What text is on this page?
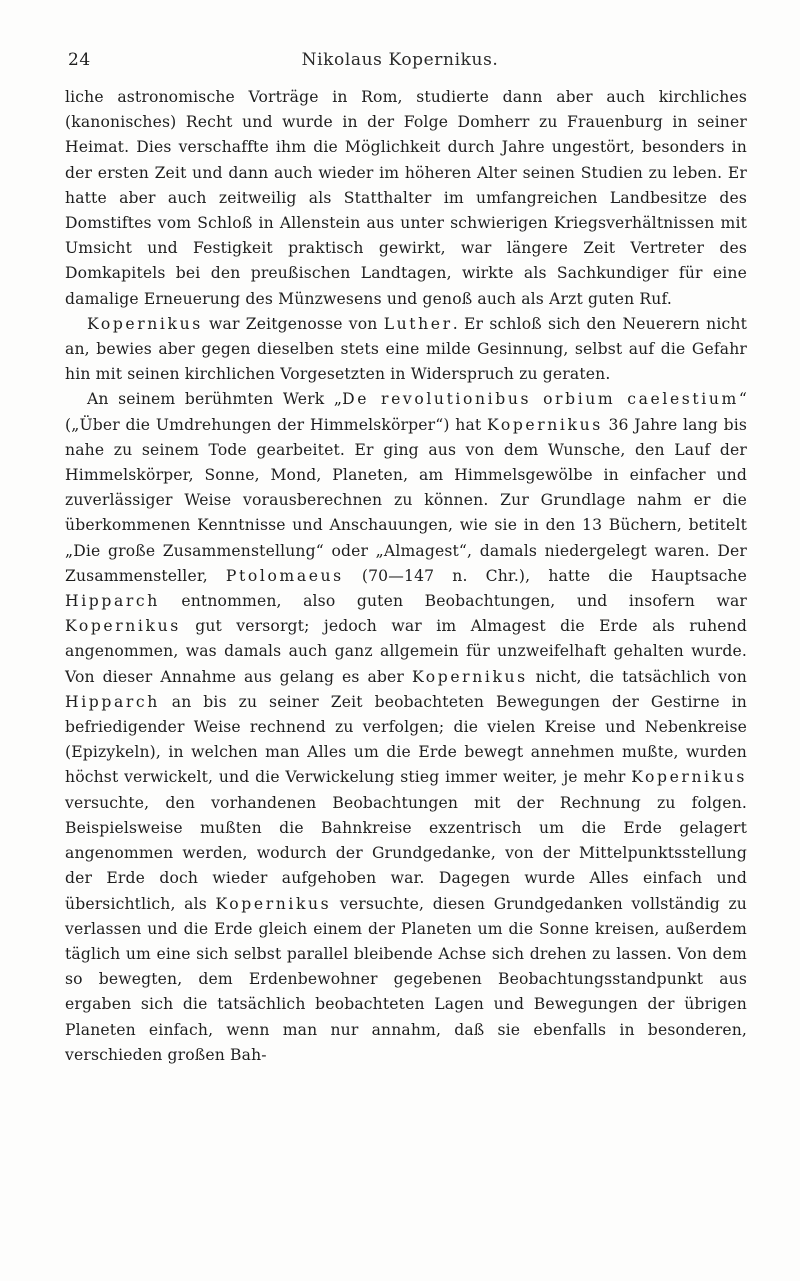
24	Nikolaus Kopernikus.

liche astronomische Vorträge in Rom, studierte dann aber auch kirchliches (kanonisches) Recht und wurde in der Folge Domherr zu Frauenburg in seiner Heimat. Dies verschaffte ihm die Möglichkeit durch Jahre ungestört, besonders in der ersten Zeit und dann auch wieder im höheren Alter seinen Studien zu leben. Er hatte aber auch zeitweilig als Statthalter im umfangreichen Landbesitze des Domstiftes vom Schloß in Allenstein aus unter schwierigen Kriegsverhältnissen mit Umsicht und Festigkeit praktisch gewirkt, war längere Zeit Vertreter des Domkapitels bei den preußischen Landtagen, wirkte als Sachkundiger für eine damalige Erneuerung des Münzwesens und genoß auch als Arzt guten Ruf.

Kopernikus war Zeitgenosse von Luther. Er schloß sich den Neuerern nicht an, bewies aber gegen dieselben stets eine milde Gesinnung, selbst auf die Gefahr hin mit seinen kirchlichen Vorgesetzten in Widerspruch zu geraten.

An seinem berühmten Werk „De revolutionibus orbium caelestium“ („Über die Umdrehungen der Himmelskörper“) hat Kopernikus 36 Jahre lang bis nahe zu seinem Tode gearbeitet. Er ging aus von dem Wunsche, den Lauf der Himmelskörper, Sonne, Mond, Planeten, am Himmelsgewölbe in einfacher und zuverlässiger Weise vorausberechnen zu können. Zur Grundlage nahm er die überkommenen Kenntnisse und Anschauungen, wie sie in den 13 Büchern, betitelt „Die große Zusammenstellung“ oder „Almagest“, damals niedergelegt waren. Der Zusammensteller, Ptolomaeus (70—147 n. Chr.), hatte die Hauptsache Hipparch entnommen, also guten Beobachtungen, und insofern war Kopernikus gut versorgt; jedoch war im Almagest die Erde als ruhend angenommen, was damals auch ganz allgemein für unzweifelhaft gehalten wurde. Von dieser Annahme aus gelang es aber Kopernikus nicht, die tatsächlich von Hipparch an bis zu seiner Zeit beobachteten Bewegungen der Gestirne in befriedigender Weise rechnend zu verfolgen; die vielen Kreise und Nebenkreise (Epizykeln), in welchen man Alles um die Erde bewegt annehmen mußte, wurden höchst verwickelt, und die Verwickelung stieg immer weiter, je mehr Kopernikus versuchte, den vorhandenen Beobachtungen mit der Rechnung zu folgen. Beispielsweise mußten die Bahnkreise exzentrisch um die Erde gelagert angenommen werden, wodurch der Grundgedanke, von der Mittelpunktsstellung der Erde doch wieder aufgehoben war. Dagegen wurde Alles einfach und übersichtlich, als Kopernikus versuchte, diesen Grundgedanken vollständig zu verlassen und die Erde gleich einem der Planeten um die Sonne kreisen, außerdem täglich um eine sich selbst parallel bleibende Achse sich drehen zu lassen. Von dem so bewegten, dem Erdenbewohner gegebenen Beobachtungsstandpunkt aus ergaben sich die tatsächlich beobachteten Lagen und Bewegungen der übrigen Planeten einfach, wenn man nur annahm, daß sie ebenfalls in besonderen, verschieden großen Bah-
